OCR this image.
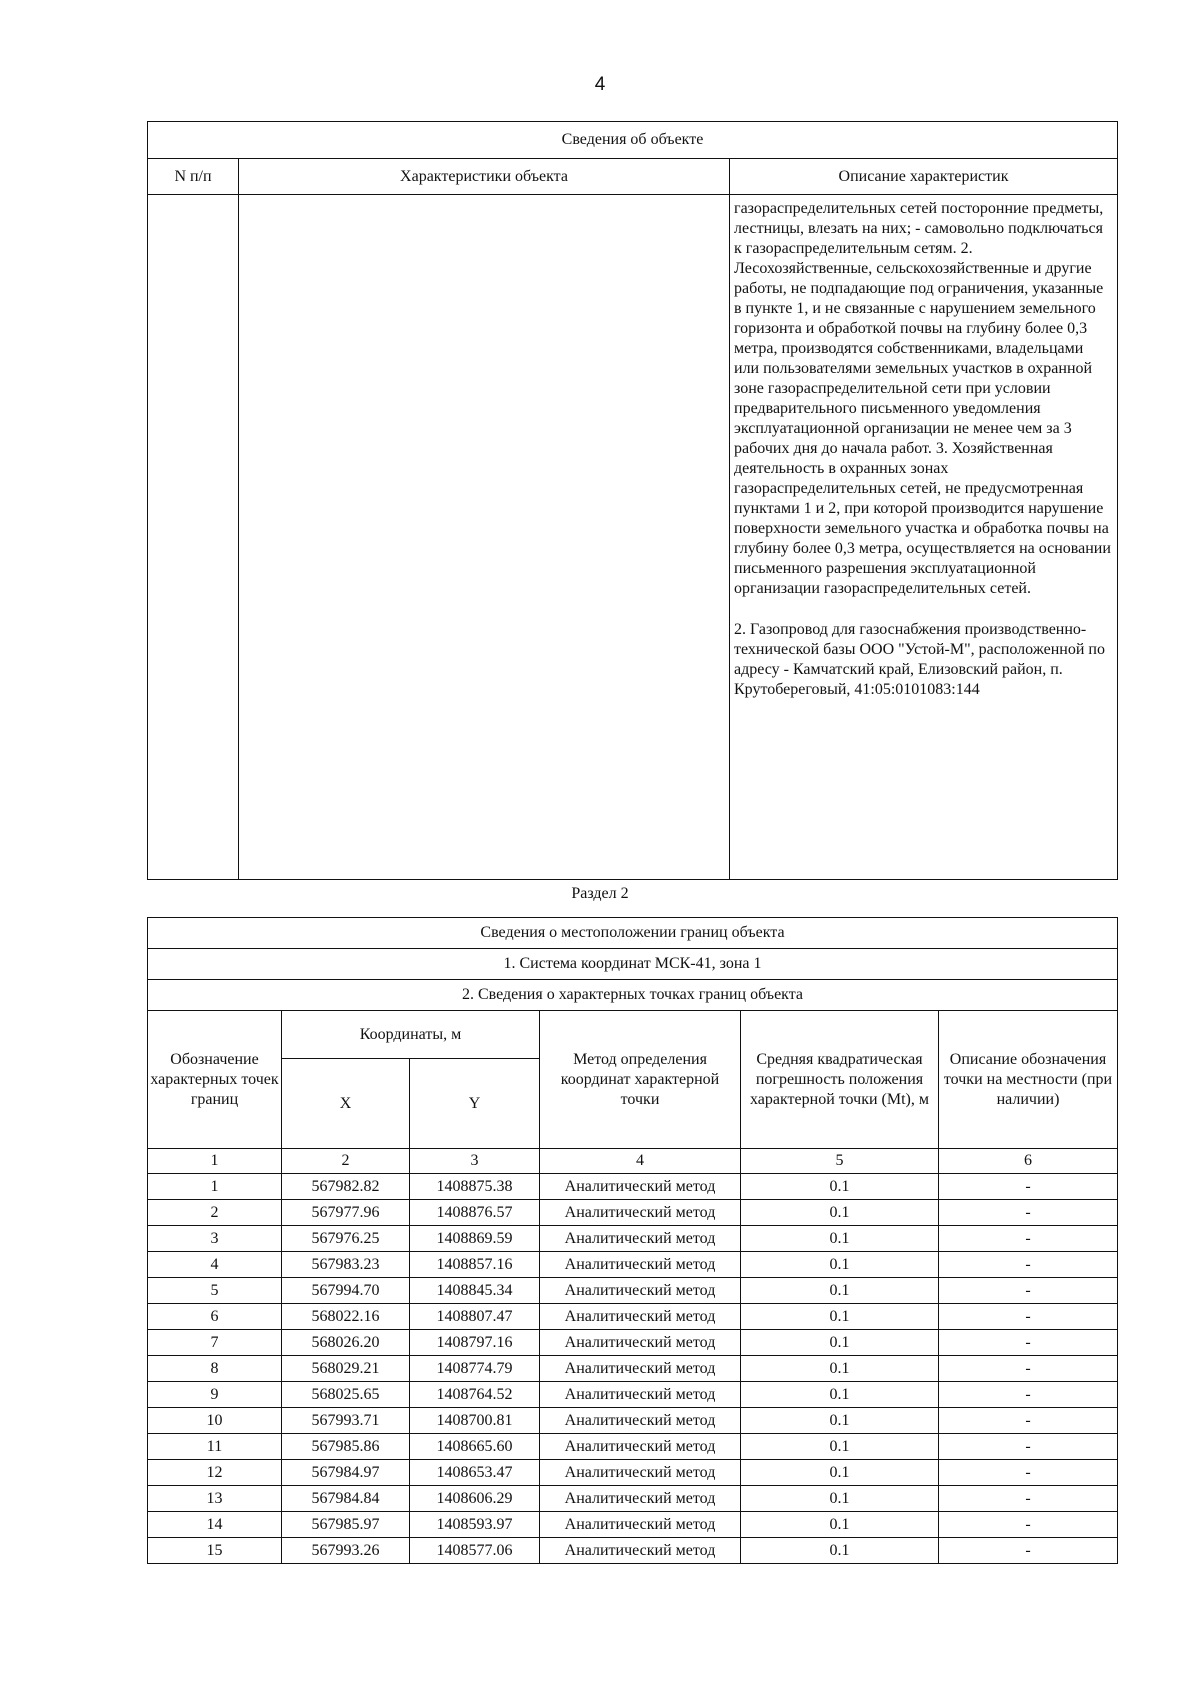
4
Сведения об объекте		
N п/п	Характеристики объекта	Описание характеристик

		газораспределительных сетей посторонние предметы, лестницы, влезать на них; - самовольно подключаться к газораспределительным сетям. 2. Лесохозяйственные, сельскохозяйственные и другие работы, не подпадающие под ограничения, указанные в пункте 1, и не связанные с нарушением земельного горизонта и обработкой почвы на глубину более 0,3 метра, производятся собственниками, владельцами или пользователями земельных участков в охранной зоне газораспределительной сети при условии предварительного письменного уведомления эксплуатационной организации не менее чем за 3 рабочих дня до начала работ. 3. Хозяйственная деятельность в охранных зонах газораспределительных сетей, не предусмотренная пунктами 1 и 2, при которой производится нарушение поверхности земельного участка и обработка почвы на глубину более 0,3 метра, осуществляется на основании письменного разрешения эксплуатационной организации газораспределительных сетей.

2. Газопровод для газоснабжения производственно-технической базы ООО "Устой-М", расположенной по адресу - Камчатский край, Елизовский район, п. Крутобереговый, 41:05:0101083:144

Раздел 2
Сведения о местоположении границ объекта					
1. Система координат МСК-41, зона 1					
2. Сведения о характерных точках границ объекта					
Обозначение характерных точек границ	Координаты, м		Метод определения координат характерной точки	Средняя квадратическая погрешность положения характерной точки (Mt), м	Описание обозначения точки на местности (при наличии)
	X	Y			
1	2	3	4	5	6
1	567982.82	1408875.38	Аналитический метод	0.1	-
2	567977.96	1408876.57	Аналитический метод	0.1	-
3	567976.25	1408869.59	Аналитический метод	0.1	-
4	567983.23	1408857.16	Аналитический метод	0.1	-
5	567994.70	1408845.34	Аналитический метод	0.1	-
6	568022.16	1408807.47	Аналитический метод	0.1	-
7	568026.20	1408797.16	Аналитический метод	0.1	-
8	568029.21	1408774.79	Аналитический метод	0.1	-
9	568025.65	1408764.52	Аналитический метод	0.1	-
10	567993.71	1408700.81	Аналитический метод	0.1	-
11	567985.86	1408665.60	Аналитический метод	0.1	-
12	567984.97	1408653.47	Аналитический метод	0.1	-
13	567984.84	1408606.29	Аналитический метод	0.1	-
14	567985.97	1408593.97	Аналитический метод	0.1	-
15	567993.26	1408577.06	Аналитический метод	0.1	-
